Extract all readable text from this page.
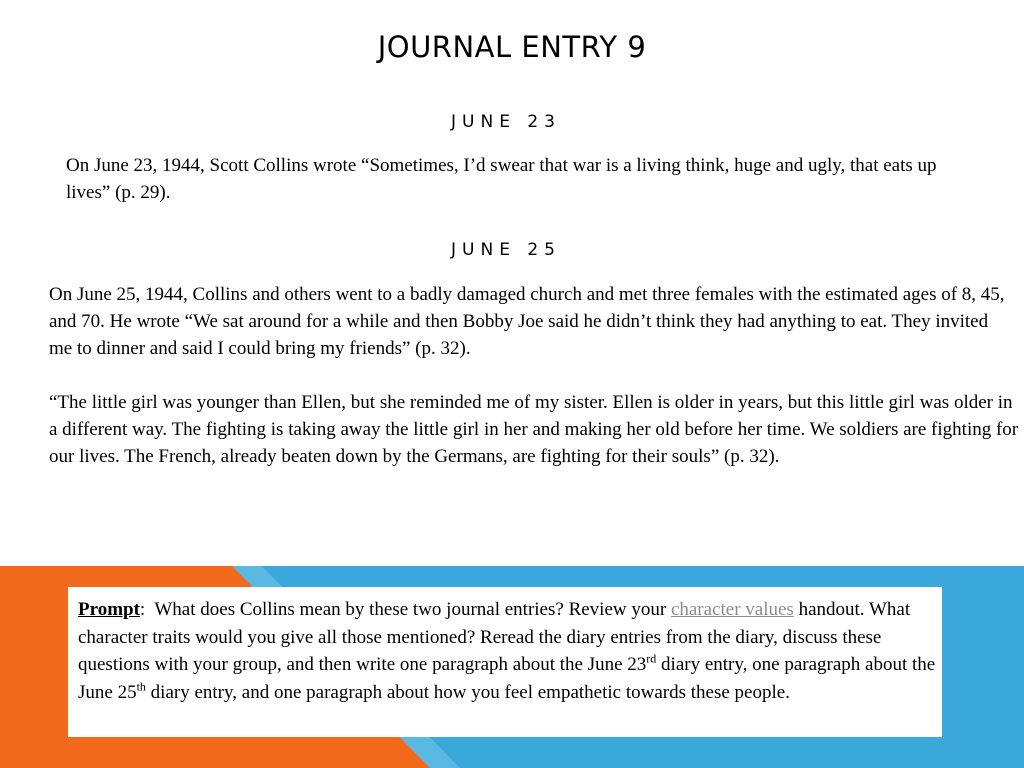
JOURNAL ENTRY 9
JUNE 23

On June 23, 1944, Scott Collins wrote “Sometimes, I’d swear that war is a living think, huge and ugly, that eats up lives” (p. 29).

JUNE 25

On June 25, 1944, Collins and others went to a badly damaged church and met three females with the estimated ages of 8, 45, and 70. He wrote “We sat around for a while and then Bobby Joe said he didn’t think they had anything to eat. They invited me to dinner and said I could bring my friends” (p. 32).

“The little girl was younger than Ellen, but she reminded me of my sister. Ellen is older in years, but this little girl was older in a different way. The fighting is taking away the little girl in her and making her old before her time. We soldiers are fighting for our lives. The French, already beaten down by the Germans, are fighting for their souls” (p. 32).

Prompt:  What does Collins mean by these two journal entries? Review your character values handout. What character traits would you give all those mentioned? Reread the diary entries from the diary, discuss these questions with your group, and then write one paragraph about the June 23rd diary entry, one paragraph about the June 25th diary entry, and one paragraph about how you feel empathetic towards these people.
